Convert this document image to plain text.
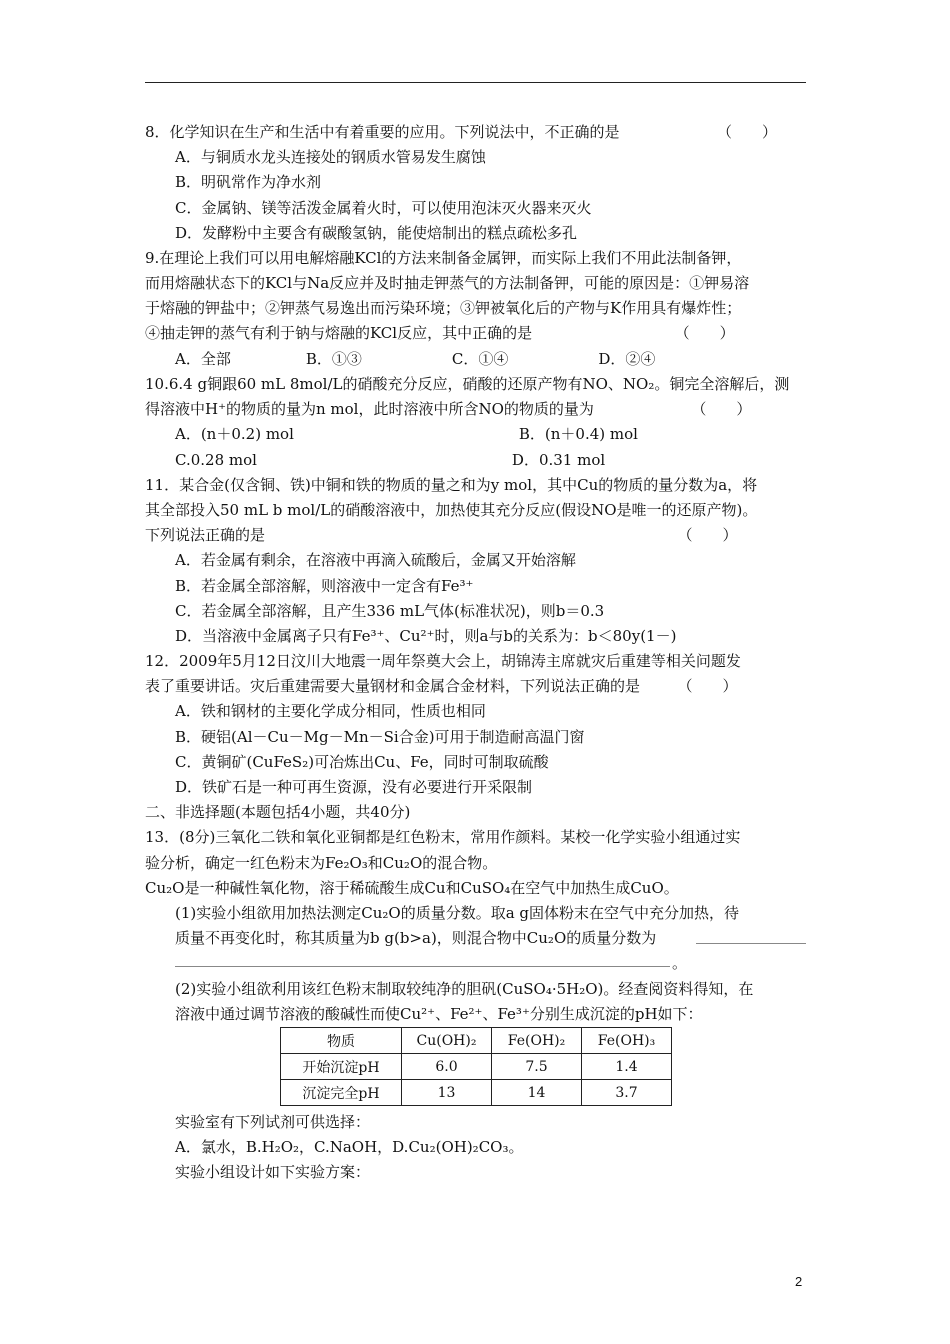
8．化学知识在生产和生活中有着重要的应用。下列说法中，不正确的是　　　　　　　（　　）
A．与铜质水龙头连接处的钢质水管易发生腐蚀
B．明矾常作为净水剂
C．金属钠、镁等活泼金属着火时，可以使用泡沫灭火器来灭火
D．发酵粉中主要含有碳酸氢钠，能使焙制出的糕点疏松多孔
9.在理论上我们可以用电解熔融KCl的方法来制备金属钾，而实际上我们不用此法制备钾，
而用熔融状态下的KCl与Na反应并及时抽走钾蒸气的方法制备钾，可能的原因是：①钾易溶
于熔融的钾盐中；②钾蒸气易逸出而污染环境；③钾被氧化后的产物与K作用具有爆炸性；
④抽走钾的蒸气有利于钠与熔融的KCl反应，其中正确的是　　　　　　　　　　（　　）
A．全部　　　　　B．①③　　　　　　C．①④　　　　　　D．②④
10.6.4 g铜跟60 mL 8mol/L的硝酸充分反应，硝酸的还原产物有NO、NO₂。铜完全溶解后，测
得溶液中H⁺的物质的量为n mol，此时溶液中所含NO的物质的量为　　　　　　　（　　）
A．(n＋0.2) mol　　　　　　　　　　　　　　　B．(n＋0.4) mol
C.0.28 mol　　　　　　　　　　　　　　　　　D．0.31 mol
11．某合金(仅含铜、铁)中铜和铁的物质的量之和为y mol，其中Cu的物质的量分数为a，将
其全部投入50 mL b mol/L的硝酸溶液中，加热使其充分反应(假设NO是唯一的还原产物)。
下列说法正确的是　　　　　　　　　　　　　　　　　　　　　　　　　　　　（　　）
A．若金属有剩余，在溶液中再滴入硫酸后，金属又开始溶解
B．若金属全部溶解，则溶液中一定含有Fe³⁺
C．若金属全部溶解，且产生336 mL气体(标准状况)，则b＝0.3
D．当溶液中金属离子只有Fe³⁺、Cu²⁺时，则a与b的关系为：b＜80y(1－)
12．2009年5月12日汶川大地震一周年祭奠大会上，胡锦涛主席就灾后重建等相关问题发
表了重要讲话。灾后重建需要大量钢材和金属合金材料，下列说法正确的是　　　（　　）
A．铁和钢材的主要化学成分相同，性质也相同
B．硬铝(Al－Cu－Mg－Mn－Si合金)可用于制造耐高温门窗
C．黄铜矿(CuFeS₂)可冶炼出Cu、Fe，同时可制取硫酸
D．铁矿石是一种可再生资源，没有必要进行开采限制
二、非选择题(本题包括4小题，共40分)
13．(8分)三氧化二铁和氧化亚铜都是红色粉末，常用作颜料。某校一化学实验小组通过实
验分析，确定一红色粉末为Fe₂O₃和Cu₂O的混合物。
Cu₂O是一种碱性氧化物，溶于稀硫酸生成Cu和CuSO₄在空气中加热生成CuO。
(1)实验小组欲用加热法测定Cu₂O的质量分数。取a g固体粉末在空气中充分加热，待
质量不再变化时，称其质量为b g(b>a)，则混合物中Cu₂O的质量分数为
。
(2)实验小组欲利用该红色粉末制取较纯净的胆矾(CuSO₄·5H₂O)。经查阅资料得知，在
溶液中通过调节溶液的酸碱性而使Cu²⁺、Fe²⁺、Fe³⁺分别生成沉淀的pH如下：
物质	Cu(OH)₂	Fe(OH)₂	Fe(OH)₃
开始沉淀pH	6.0	7.5	1.4
沉淀完全pH	13	14	3.7
实验室有下列试剂可供选择：
A．氯水，B.H₂O₂，C.NaOH，D.Cu₂(OH)₂CO₃。
实验小组设计如下实验方案：
2
